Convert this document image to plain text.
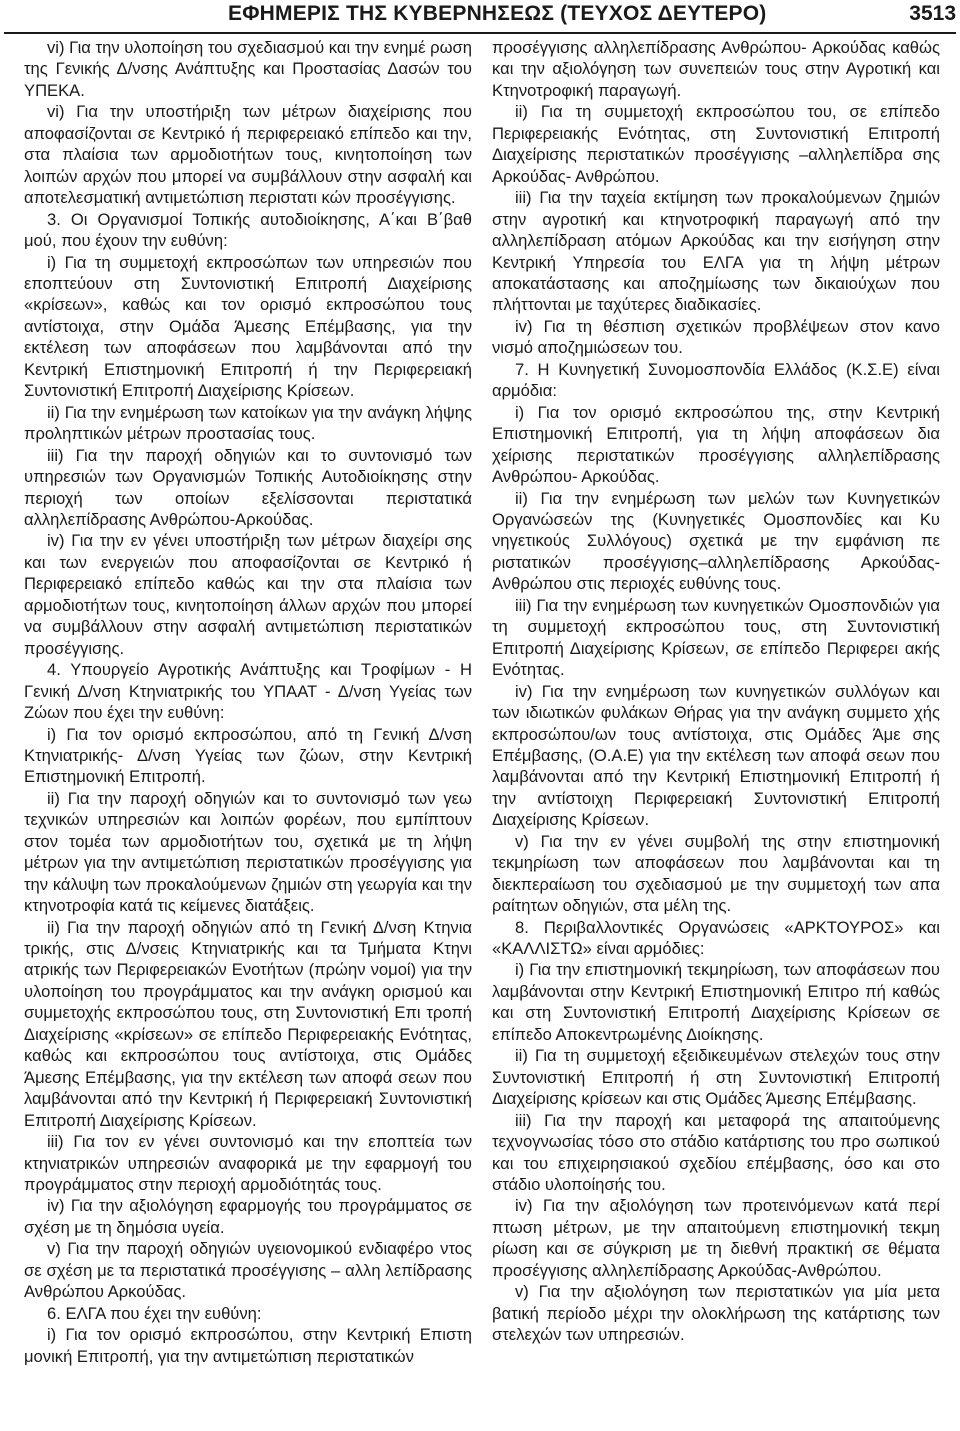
ΕΦΗΜΕΡΙΣ ΤΗΣ ΚΥΒΕΡΝΗΣΕΩΣ (ΤΕΥΧΟΣ ΔΕΥΤΕΡΟ)	3513

vi) Για την υλοποίηση του σχεδιασμού και την ενημέ ρωση της Γενικής Δ/νσης Ανάπτυξης και Προστασίας Δασών του ΥΠΕΚΑ.

vi) Για την υποστήριξη των μέτρων διαχείρισης που αποφασίζονται σε Κεντρικό ή περιφερειακό επίπεδο και την, στα πλαίσια των αρμοδιοτήτων τους, κινητοποίηση των λοιπών αρχών που μπορεί να συμβάλλουν στην ασφαλή και αποτελεσματική αντιμετώπιση περιστατι κών προσέγγισης.

3. Οι Οργανισμοί Τοπικής αυτοδιοίκησης, Α΄και Β΄βαθ μού, που έχουν την ευθύνη:

i) Για τη συμμετοχή εκπροσώπων των υπηρεσιών που εποπτεύουν στη Συντονιστική Επιτροπή Διαχείρισης «κρίσεων», καθώς και τον ορισμό εκπροσώπου τους αντίστοιχα, στην Ομάδα Άμεσης Επέμβασης, για την εκτέλεση των αποφάσεων που λαμβάνονται από την Κεντρική Επιστημονική Επιτροπή ή την Περιφερειακή Συντονιστική Επιτροπή Διαχείρισης Κρίσεων.

ii) Για την ενημέρωση των κατοίκων για την ανάγκη λήψης προληπτικών μέτρων προστασίας τους.

iii) Για την παροχή οδηγιών και το συντονισμό των υπηρεσιών των Οργανισμών Τοπικής Αυτοδιοίκησης στην περιοχή των οποίων εξελίσσονται περιστατικά αλληλεπίδρασης Ανθρώπου-Αρκούδας.

iv) Για την εν γένει υποστήριξη των μέτρων διαχείρι σης και των ενεργειών που αποφασίζονται σε Κεντρικό ή Περιφερειακό επίπεδο καθώς και την στα πλαίσια των αρμοδιοτήτων τους, κινητοποίηση άλλων αρχών που μπορεί να συμβάλλουν στην ασφαλή αντιμετώπιση περιστατικών προσέγγισης.

4. Υπουργείο Αγροτικής Ανάπτυξης και Τροφίμων - Η Γενική Δ/νση Κτηνιατρικής του ΥΠΑΑΤ - Δ/νση Υγείας των Ζώων που έχει την ευθύνη:

i) Για τον ορισμό εκπροσώπου, από τη Γενική Δ/νση Κτηνιατρικής- Δ/νση Υγείας των ζώων, στην Κεντρική Επιστημονική Επιτροπή.

ii) Για την παροχή οδηγιών και το συντονισμό των γεω τεχνικών υπηρεσιών και λοιπών φορέων, που εμπίπτουν στον τομέα των αρμοδιοτήτων του, σχετικά με τη λήψη μέτρων για την αντιμετώπιση περιστατικών προσέγγισης για την κάλυψη των προκαλούμενων ζημιών στη γεωργία και την κτηνοτροφία κατά τις κείμενες διατάξεις.

ii) Για την παροχή οδηγιών από τη Γενική Δ/νση Κτηνια τρικής, στις Δ/νσεις Κτηνιατρικής και τα Τμήματα Κτηνι ατρικής των Περιφερειακών Ενοτήτων (πρώην νομοί) για την υλοποίηση του προγράμματος και την ανάγκη ορισμού και συμμετοχής εκπροσώπου τους, στη Συντονιστική Επι τροπή Διαχείρισης «κρίσεων» σε επίπεδο Περιφερειακής Ενότητας, καθώς και εκπροσώπου τους αντίστοιχα, στις Ομάδες Άμεσης Επέμβασης, για την εκτέλεση των αποφά σεων που λαμβάνονται από την Κεντρική ή Περιφερειακή Συντονιστική Επιτροπή Διαχείρισης Κρίσεων.

iii) Για τον εν γένει συντονισμό και την εποπτεία των κτηνιατρικών υπηρεσιών αναφορικά με την εφαρμογή του προγράμματος στην περιοχή αρμοδιότητάς τους.

iv) Για την αξιολόγηση εφαρμογής του προγράμματος σε σχέση με τη δημόσια υγεία.

v) Για την παροχή οδηγιών υγειονομικού ενδιαφέρο ντος σε σχέση με τα περιστατικά προσέγγισης – αλλη λεπίδρασης Ανθρώπου Αρκούδας.

6. ΕΛΓΑ που έχει την ευθύνη:

i) Για τον ορισμό εκπροσώπου, στην Κεντρική Επιστη μονική Επιτροπή, για την αντιμετώπιση περιστατικών

προσέγγισης αλληλεπίδρασης Ανθρώπου- Αρκούδας καθώς και την αξιολόγηση των συνεπειών τους στην Αγροτική και Κτηνοτροφική παραγωγή.

ii) Για τη συμμετοχή εκπροσώπου του, σε επίπεδο Περιφερειακής Ενότητας, στη Συντονιστική Επιτροπή Διαχείρισης περιστατικών προσέγγισης –αλληλεπίδρα σης Αρκούδας- Ανθρώπου.

iii) Για την ταχεία εκτίμηση των προκαλούμενων ζημιών στην αγροτική και κτηνοτροφική παραγωγή από την αλληλεπίδραση ατόμων Αρκούδας και την εισήγηση στην Κεντρική Υπηρεσία του ΕΛΓΑ για τη λήψη μέτρων αποκατάστασης και αποζημίωσης των δικαιούχων που πλήττονται με ταχύτερες διαδικασίες.

iv) Για τη θέσπιση σχετικών προβλέψεων στον κανο νισμό αποζημιώσεων του.

7. Η Κυνηγετική Συνομοσπονδία Ελλάδος (Κ.Σ.Ε) είναι αρμόδια:

i) Για τον ορισμό εκπροσώπου της, στην Κεντρική Επιστημονική Επιτροπή, για τη λήψη αποφάσεων δια χείρισης περιστατικών προσέγγισης αλληλεπίδρασης Ανθρώπου- Αρκούδας.

ii) Για την ενημέρωση των μελών των Κυνηγετικών Οργανώσεών της (Κυνηγετικές Ομοσπονδίες και Κυ νηγετικούς Συλλόγους) σχετικά με την εμφάνιση πε ριστατικών προσέγγισης–αλληλεπίδρασης Αρκούδας- Ανθρώπου στις περιοχές ευθύνης τους.

iii) Για την ενημέρωση των κυνηγετικών Ομοσπονδιών για τη συμμετοχή εκπροσώπου τους, στη Συντονιστική Επιτροπή Διαχείρισης Κρίσεων, σε επίπεδο Περιφερει ακής Ενότητας.

iv) Για την ενημέρωση των κυνηγετικών συλλόγων και των ιδιωτικών φυλάκων Θήρας για την ανάγκη συμμετο χής εκπροσώπου/ων τους αντίστοιχα, στις Ομάδες Άμε σης Επέμβασης, (Ο.Α.Ε) για την εκτέλεση των αποφά σεων που λαμβάνονται από την Κεντρική Επιστημονική Επιτροπή ή την αντίστοιχη Περιφερειακή Συντονιστική Επιτροπή Διαχείρισης Κρίσεων.

v) Για την εν γένει συμβολή της στην επιστημονική τεκμηρίωση των αποφάσεων που λαμβάνονται και τη διεκπεραίωση του σχεδιασμού με την συμμετοχή των απα ραίτητων οδηγιών, στα μέλη της.

8. Περιβαλλοντικές Οργανώσεις «ΑΡΚΤΟΥΡΟΣ» και «ΚΑΛΛΙΣΤΩ» είναι αρμόδιες:

i) Για την επιστημονική τεκμηρίωση, των αποφάσεων που λαμβάνονται στην Κεντρική Επιστημονική Επιτρο πή καθώς και στη Συντονιστική Επιτροπή Διαχείρισης Κρίσεων σε επίπεδο Αποκεντρωμένης Διοίκησης.

ii) Για τη συμμετοχή εξειδικευμένων στελεχών τους στην Συντονιστική Επιτροπή ή στη Συντονιστική Επιτροπή Διαχείρισης κρίσεων και στις Ομάδες Άμεσης Επέμβασης.

iii) Για την παροχή και μεταφορά της απαιτούμενης τεχνογνωσίας τόσο στο στάδιο κατάρτισης του προ σωπικού και του επιχειρησιακού σχεδίου επέμβασης, όσο και στο στάδιο υλοποίησής του.

iv) Για την αξιολόγηση των προτεινόμενων κατά περί πτωση μέτρων, με την απαιτούμενη επιστημονική τεκμη ρίωση και σε σύγκριση με τη διεθνή πρακτική σε θέματα προσέγγισης αλληλεπίδρασης Αρκούδας-Ανθρώπου.

v) Για την αξιολόγηση των περιστατικών για μία μετα βατική περίοδο μέχρι την ολοκλήρωση της κατάρτισης των στελεχών των υπηρεσιών.
